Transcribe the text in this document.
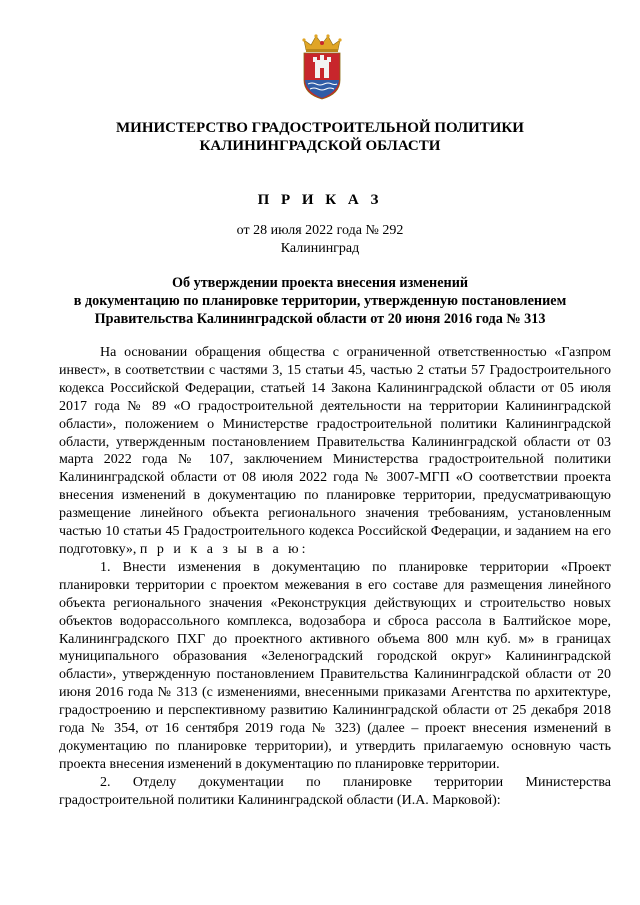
МИНИСТЕРСТВО ГРАДОСТРОИТЕЛЬНОЙ ПОЛИТИКИ
КАЛИНИНГРАДСКОЙ ОБЛАСТИ
П Р И К А З
от 28 июля 2022 года № 292
Калининград
Об утверждении проекта внесения изменений
в документацию по планировке территории, утвержденную постановлением
Правительства Калининградской области от 20 июня 2016 года № 313

На основании обращения общества с ограниченной ответственностью «Газпром инвест», в соответствии с частями 3, 15 статьи 45, частью 2 статьи 57 Градостроительного кодекса Российской Федерации, статьей 14 Закона Калининградской области от 05 июля 2017 года № 89 «О градостроительной деятельности на территории Калининградской области», положением о Министерстве градостроительной политики Калининградской области, утвержденным постановлением Правительства Калининградской области от 03 марта 2022 года № 107, заключением Министерства градостроительной политики Калининградской области от 08 июля 2022 года № 3007-МГП «О соответствии проекта внесения изменений в документацию по планировке территории, предусматривающую размещение линейного объекта регионального значения требованиям, установленным частью 10 статьи 45 Градостроительного кодекса Российской Федерации, и заданием на его подготовку», п р и к а з ы в а ю:

1. Внести изменения в документацию по планировке территории «Проект планировки территории с проектом межевания в его составе для размещения линейного объекта регионального значения «Реконструкция действующих и строительство новых объектов водорассольного комплекса, водозабора и сброса рассола в Балтийское море, Калининградского ПХГ до проектного активного объема 800 млн куб. м» в границах муниципального образования «Зеленоградский городской округ» Калининградской области», утвержденную постановлением Правительства Калининградской области от 20 июня 2016 года № 313 (с изменениями, внесенными приказами Агентства по архитектуре, градостроению и перспективному развитию Калининградской области от 25 декабря 2018 года № 354, от 16 сентября 2019 года № 323) (далее – проект внесения изменений в документацию по планировке территории), и утвердить прилагаемую основную часть проекта внесения изменений в документацию по планировке территории.

2. Отделу документации по планировке территории Министерства градостроительной политики Калининградской области (И.А. Марковой):
